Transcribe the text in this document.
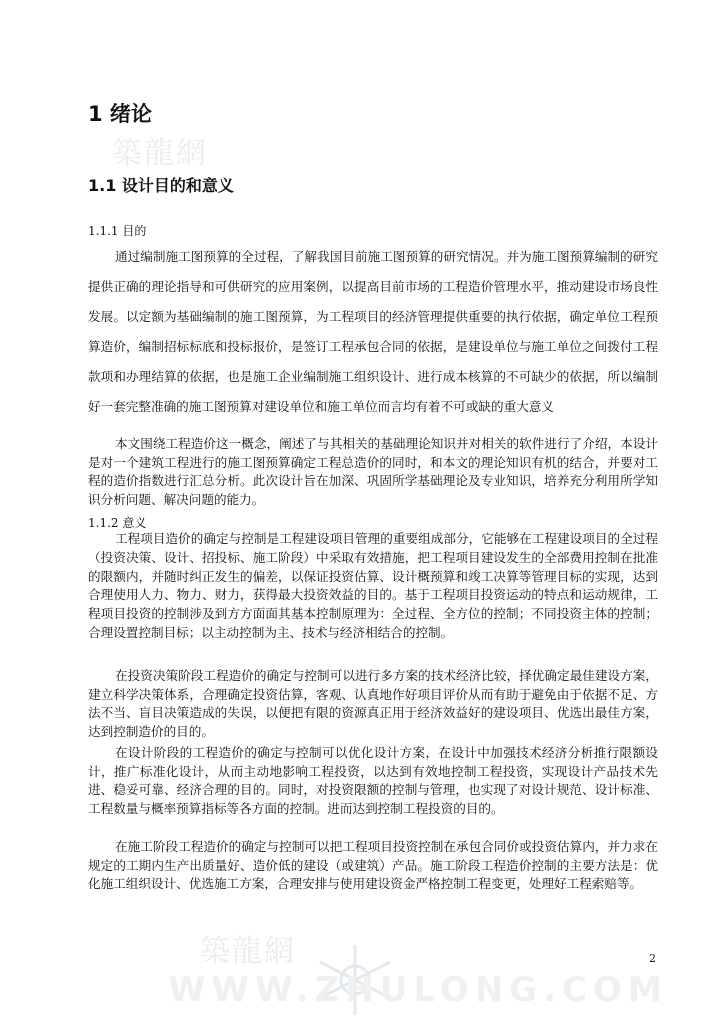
築龍網
築龍網
WWW.ZHULONG.COM
1 绪论
1.1 设计目的和意义

1.1.1 目的

通过编制施工图预算的全过程，了解我国目前施工图预算的研究情况。并为施工图预算编制的研究提供正确的理论指导和可供研究的应用案例，以提高目前市场的工程造价管理水平，推动建设市场良性发展。以定额为基础编制的施工图预算，为工程项目的经济管理提供重要的执行依据，确定单位工程预算造价，编制招标标底和投标报价，是签订工程承包合同的依据，是建设单位与施工单位之间拨付工程款项和办理结算的依据，也是施工企业编制施工组织设计、进行成本核算的不可缺少的依据，所以编制好一套完整准确的施工图预算对建设单位和施工单位而言均有着不可或缺的重大意义

本文围绕工程造价这一概念，阐述了与其相关的基础理论知识并对相关的软件进行了介绍，本设计是对一个建筑工程进行的施工图预算确定工程总造价的同时，和本文的理论知识有机的结合，并要对工程的造价指数进行汇总分析。此次设计旨在加深、巩固所学基础理论及专业知识，培养充分利用所学知识分析问题、解决问题的能力。

1.1.2 意义

工程项目造价的确定与控制是工程建设项目管理的重要组成部分，它能够在工程建设项目的全过程（投资决策、设计、招投标、施工阶段）中采取有效措施，把工程项目建设发生的全部费用控制在批准的限额内，并随时纠正发生的偏差，以保证投资估算、设计概预算和竣工决算等管理目标的实现，达到合理使用人力、物力、财力，获得最大投资效益的目的。基于工程项目投资运动的特点和运动规律，工程项目投资的控制涉及到方方面面其基本控制原理为：全过程、全方位的控制；不同投资主体的控制；合理设置控制目标；以主动控制为主、技术与经济相结合的控制。

在投资决策阶段工程造价的确定与控制可以进行多方案的技术经济比较，择优确定最佳建设方案，建立科学决策体系，合理确定投资估算，客观、认真地作好项目评价从而有助于避免由于依据不足、方法不当、盲目决策造成的失误，以便把有限的资源真正用于经济效益好的建设项目、优选出最佳方案，达到控制造价的目的。

在设计阶段的工程造价的确定与控制可以优化设计方案，在设计中加强技术经济分析推行限额设计，推广标准化设计，从而主动地影响工程投资，以达到有效地控制工程投资，实现设计产品技术先进、稳妥可靠、经济合理的目的。同时，对投资限额的控制与管理，也实现了对设计规范、设计标准、工程数量与概率预算指标等各方面的控制。进而达到控制工程投资的目的。

在施工阶段工程造价的确定与控制可以把工程项目投资控制在承包合同价或投资估算内，并力求在规定的工期内生产出质量好、造价低的建设（或建筑）产品。施工阶段工程造价控制的主要方法是：优化施工组织设计、优选施工方案，合理安排与使用建设资金严格控制工程变更，处理好工程索赔等。

2
